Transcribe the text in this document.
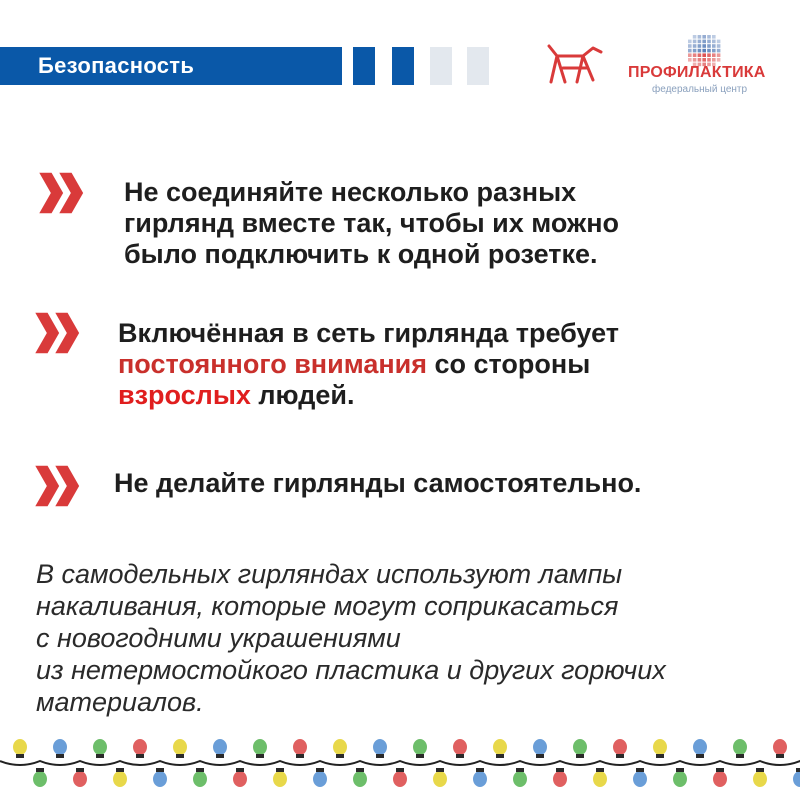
Безопасность	ПРОФИЛАКТИКА
федеральный центр

Не соединяйте несколько разных

гирлянд вместе так, чтобы их можно

было подключить к одной розетке.

Включённая в сеть гирлянда требует

постоянного внимания со стороны

взрослых людей.

Не делайте гирлянды самостоятельно.

В самодельных гирляндах используют лампы

накаливания, которые могут соприкасаться

с новогодними украшениями

из нетермостойкого пластика и других горючих

материалов.
